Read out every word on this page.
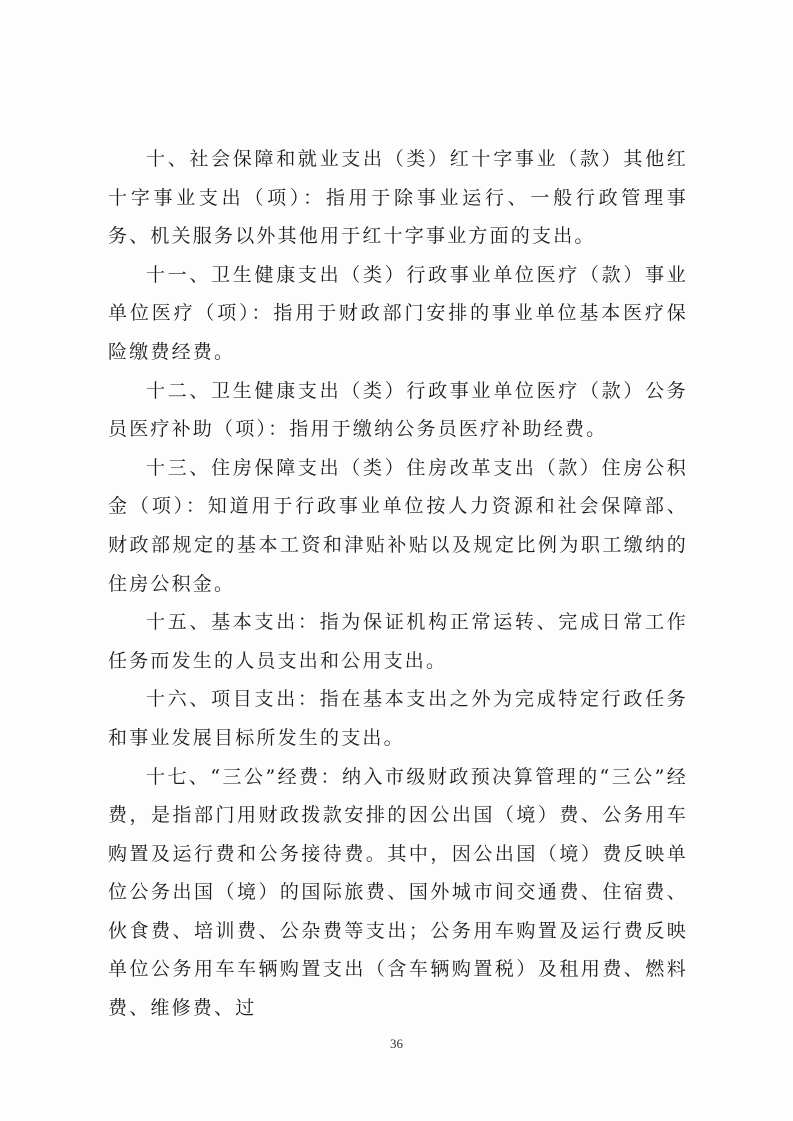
十、社会保障和就业支出（类）红十字事业（款）其他红十字事业支出（项）：指用于除事业运行、一般行政管理事务、机关服务以外其他用于红十字事业方面的支出。

十一、卫生健康支出（类）行政事业单位医疗（款）事业单位医疗（项）：指用于财政部门安排的事业单位基本医疗保险缴费经费。

十二、卫生健康支出（类）行政事业单位医疗（款）公务员医疗补助（项）：指用于缴纳公务员医疗补助经费。

十三、住房保障支出（类）住房改革支出（款）住房公积金（项）：知道用于行政事业单位按人力资源和社会保障部、财政部规定的基本工资和津贴补贴以及规定比例为职工缴纳的住房公积金。

十五、基本支出：指为保证机构正常运转、完成日常工作任务而发生的人员支出和公用支出。

十六、项目支出：指在基本支出之外为完成特定行政任务和事业发展目标所发生的支出。

十七、“三公”经费：纳入市级财政预决算管理的“三公”经费，是指部门用财政拨款安排的因公出国（境）费、公务用车购置及运行费和公务接待费。其中，因公出国（境）费反映单位公务出国（境）的国际旅费、国外城市间交通费、住宿费、伙食费、培训费、公杂费等支出；公务用车购置及运行费反映单位公务用车车辆购置支出（含车辆购置税）及租用费、燃料费、维修费、过

36
